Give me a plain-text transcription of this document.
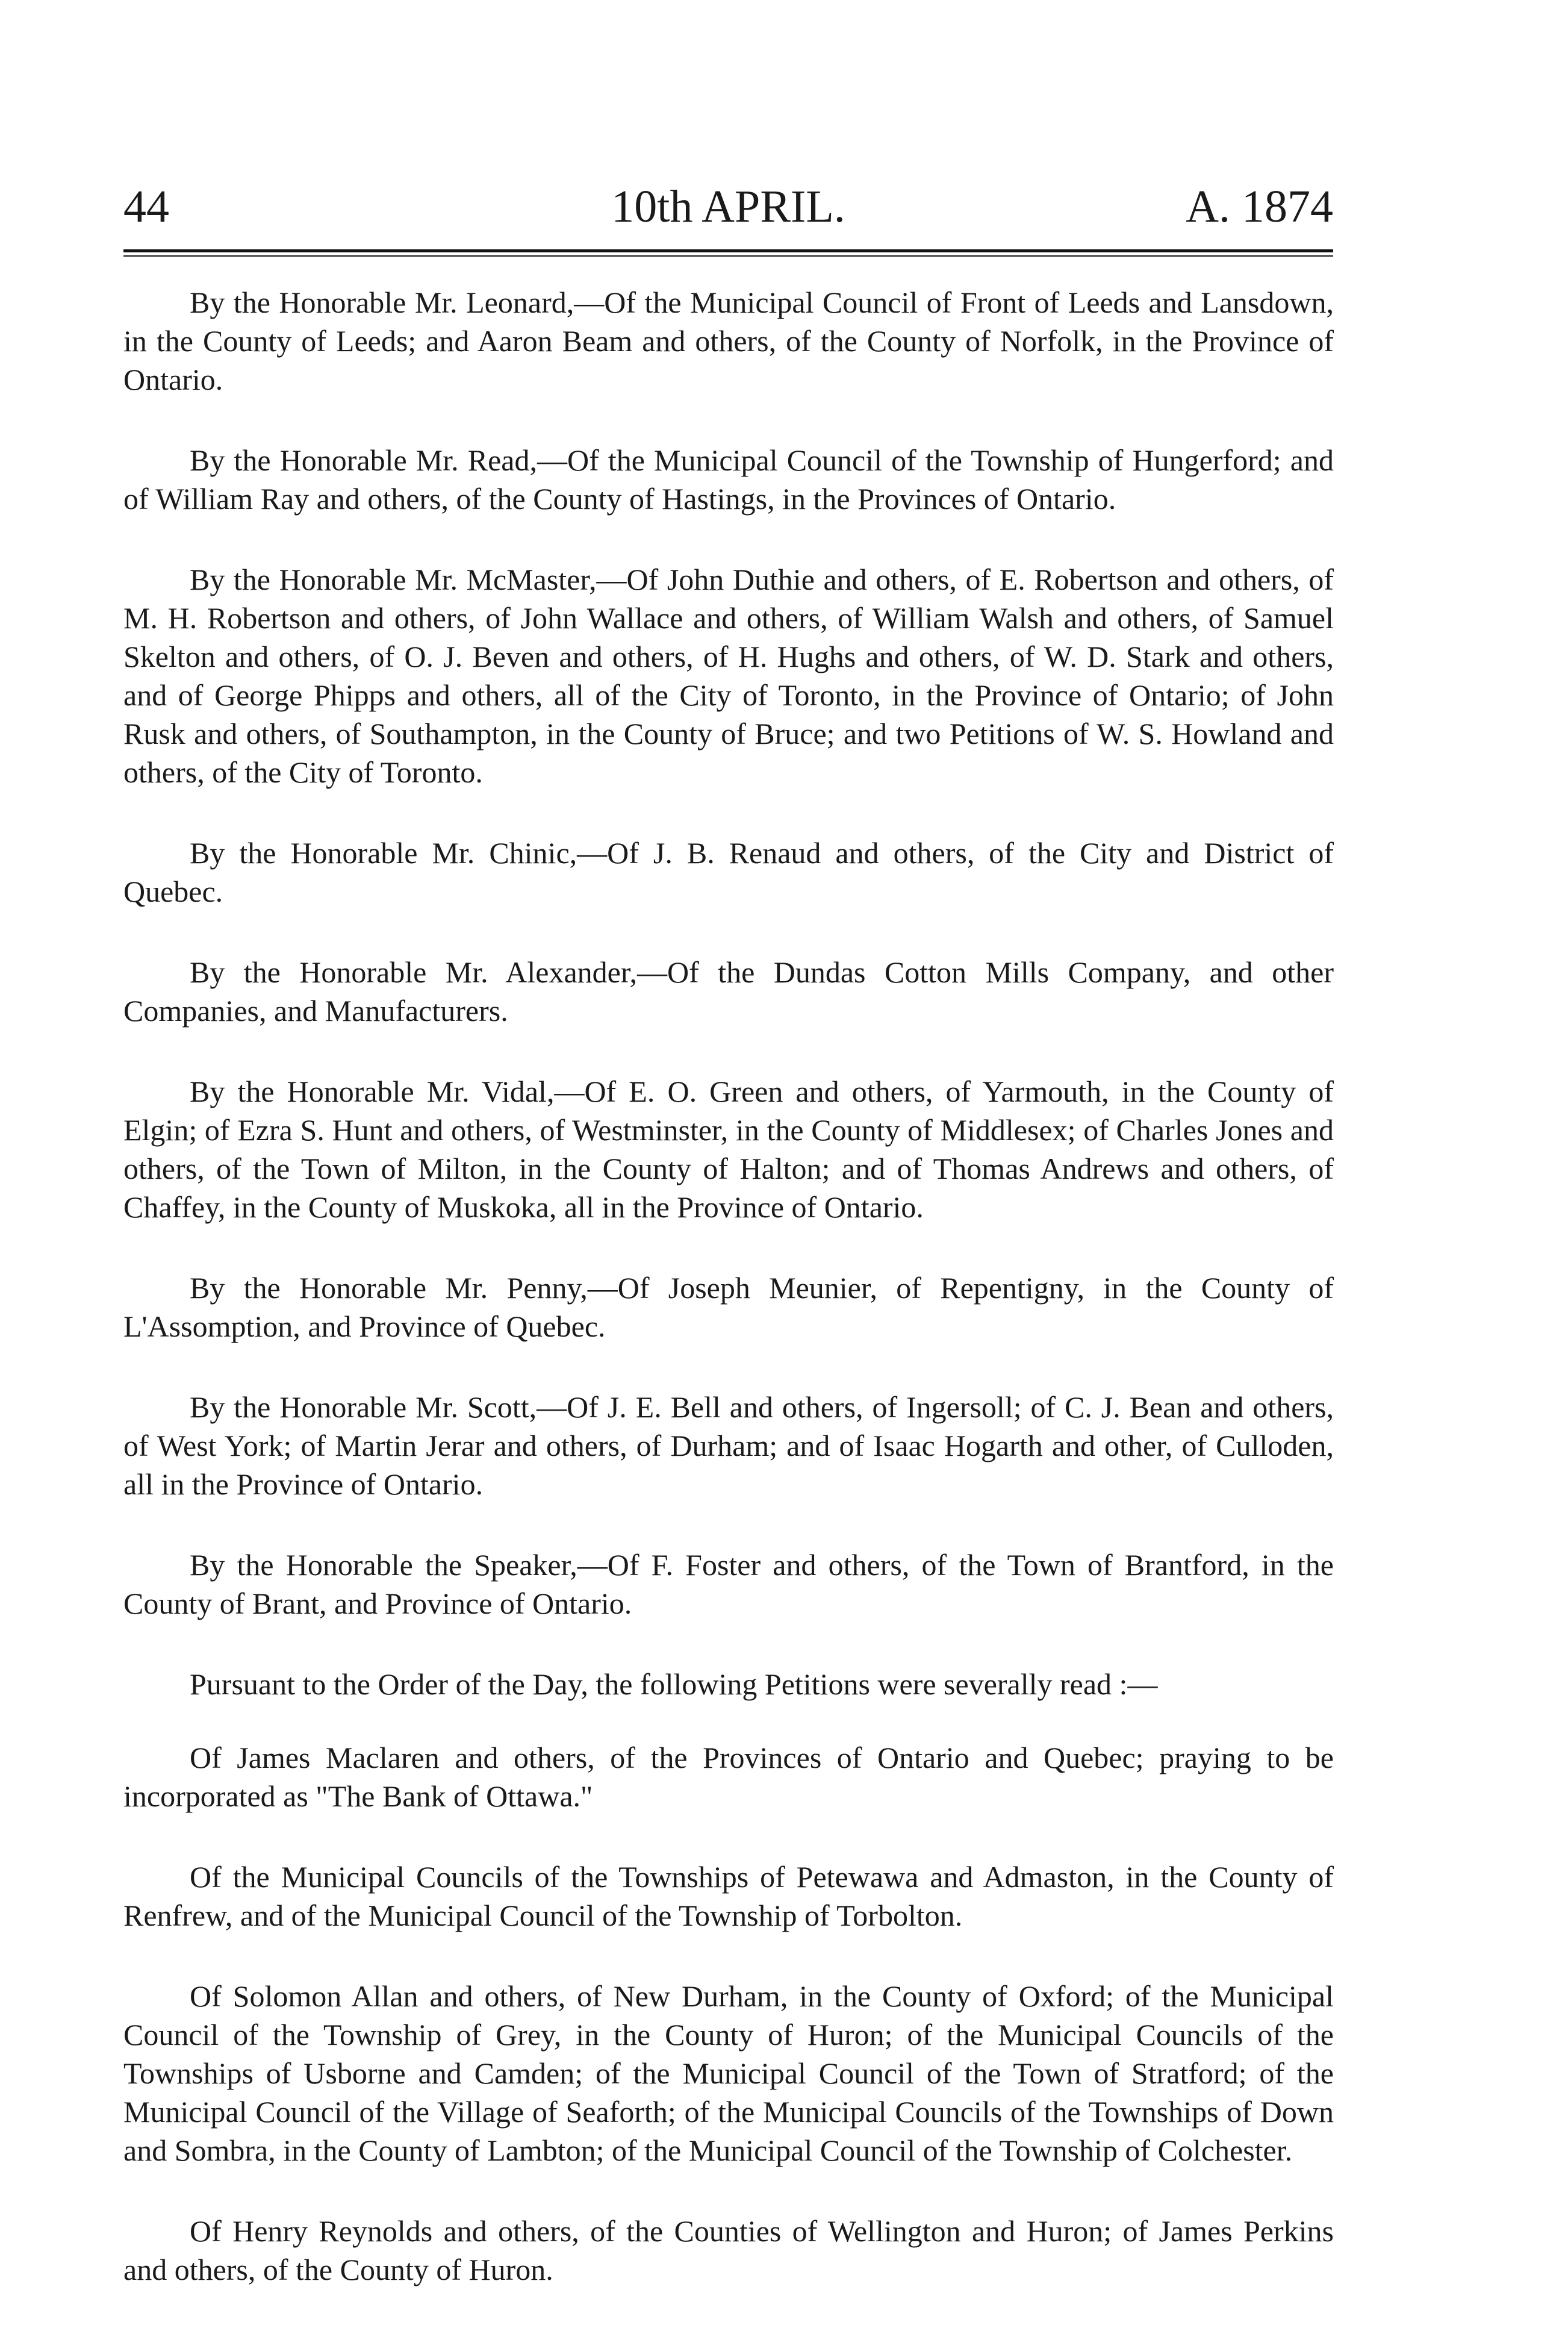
44	10th APRIL.	A. 1874

By the Honorable Mr. Leonard,—Of the Municipal Council of Front of Leeds and Lansdown, in the County of Leeds; and Aaron Beam and others, of the County of Norfolk, in the Province of Ontario.

By the Honorable Mr. Read,—Of the Municipal Council of the Township of Hungerford; and of William Ray and others, of the County of Hastings, in the Provinces of Ontario.

By the Honorable Mr. McMaster,—Of John Duthie and others, of E. Robertson and others, of M. H. Robertson and others, of John Wallace and others, of William Walsh and others, of Samuel Skelton and others, of O. J. Beven and others, of H. Hughs and others, of W. D. Stark and others, and of George Phipps and others, all of the City of Toronto, in the Province of Ontario; of John Rusk and others, of Southampton, in the County of Bruce; and two Petitions of W. S. Howland and others, of the City of Toronto.

By the Honorable Mr. Chinic,—Of J. B. Renaud and others, of the City and District of Quebec.

By the Honorable Mr. Alexander,—Of the Dundas Cotton Mills Company, and other Companies, and Manufacturers.

By the Honorable Mr. Vidal,—Of E. O. Green and others, of Yarmouth, in the County of Elgin; of Ezra S. Hunt and others, of Westminster, in the County of Middlesex; of Charles Jones and others, of the Town of Milton, in the County of Halton; and of Thomas Andrews and others, of Chaffey, in the County of Muskoka, all in the Province of Ontario.

By the Honorable Mr. Penny,—Of Joseph Meunier, of Repentigny, in the County of L'Assomption, and Province of Quebec.

By the Honorable Mr. Scott,—Of J. E. Bell and others, of Ingersoll; of C. J. Bean and others, of West York; of Martin Jerar and others, of Durham; and of Isaac Hogarth and other, of Culloden, all in the Province of Ontario.

By the Honorable the Speaker,—Of F. Foster and others, of the Town of Brantford, in the County of Brant, and Province of Ontario.

Pursuant to the Order of the Day, the following Petitions were severally read :—

Of James Maclaren and others, of the Provinces of Ontario and Quebec; praying to be incorporated as "The Bank of Ottawa."

Of the Municipal Councils of the Townships of Petewawa and Admaston, in the County of Renfrew, and of the Municipal Council of the Township of Torbolton.

Of Solomon Allan and others, of New Durham, in the County of Oxford; of the Municipal Council of the Township of Grey, in the County of Huron; of the Municipal Councils of the Townships of Usborne and Camden; of the Municipal Council of the Town of Stratford; of the Municipal Council of the Village of Seaforth; of the Municipal Councils of the Townships of Down and Sombra, in the County of Lambton; of the Municipal Council of the Township of Colchester.

Of Henry Reynolds and others, of the Counties of Wellington and Huron; of James Perkins and others, of the County of Huron.
